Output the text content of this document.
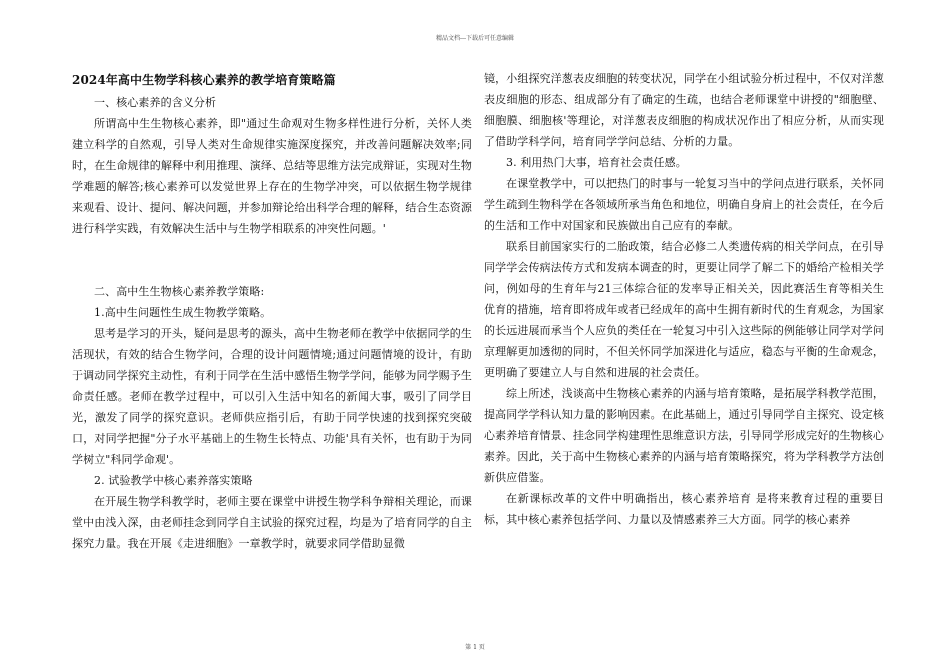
精品文档---下载后可任意编辑
2024年高中生物学科核心素养的教学培育策略篇

一、核心素养的含义分析

所谓高中生生物核心素养，即"通过生命观对生物多样性进行分析，关怀人类建立科学的自然观，引导人类对生命规律实施深度探究，并改善问题解决效率;同时，在生命规律的解释中利用推理、演绎、总结等思维方法完成辩证，实现对生物学难题的解答;核心素养可以发觉世界上存在的生物学冲突，可以依据生物学规律来观看、设计、提问、解决问题，并参加辩论给出科学合理的解释，结合生态资源进行科学实践，有效解决生活中与生物学相联系的冲突性问题。'

二、高中生生物核心素养教学策略:

1.高中生问题性生成生物教学策略。

思考是学习的开头，疑问是思考的源头，高中生物老师在教学中依据同学的生活现状，有效的结合生物学问，合理的设计问题情境;通过问题情境的设计，有助于调动同学探究主动性，有利于同学在生活中感悟生物学学问，能够为同学赐予生命责任感。老师在教学过程中，可以引入生活中知名的新闻大事，吸引了同学目光，激发了同学的探究意识。老师供应指引后，有助于同学快速的找到探究突破口，对同学把握"分子水平基础上的生物生长特点、功能'具有关怀，也有助于为同学树立"科同学命观'。

2. 试验教学中核心素养落实策略

在开展生物学科教学时，老师主要在课堂中讲授生物学科争辩相关理论，而课堂中由浅入深，由老师挂念到同学自主试验的探究过程，均是为了培育同学的自主探究力量。我在开展《走进细胞》一章教学时，就要求同学借助显微

镜，小组探究洋葱表皮细胞的转变状况，同学在小组试验分析过程中，不仅对洋葱表皮细胞的形态、组成部分有了确定的生疏，也结合老师课堂中讲授的"细胞壁、细胞膜、细胞核'等理论，对洋葱表皮细胞的构成状况作出了相应分析，从而实现了借助学科学问，培育同学学问总结、分析的力量。

3. 利用热门大事，培育社会责任感。

在课堂教学中，可以把热门的时事与一轮复习当中的学问点进行联系，关怀同学生疏到生物科学在各领域所承当角色和地位，明确自身肩上的社会责任，在今后的生活和工作中对国家和民族做出自己应有的奉献。

联系目前国家实行的二胎政策，结合必修二人类遗传病的相关学问点，在引导同学学会传病法传方式和发病本调查的时，更要让同学了解二下的婚给产检相关学问，例如母的生育年与21三体综合征的发率导正相关关，因此赛活生育等相关生优育的措施，培育即将成年或者已经成年的高中生拥有新时代的生育观念，为国家的长远进展而承当个人应负的类任在一轮复习中引入这些际的例能够让同学对学问京理解更加透彻的同时，不但关怀同学加深进化与适应，稳态与平衡的生命观念，更明确了要建立人与自然和进展的社会责任。

综上所述，浅谈高中生物核心素养的内涵与培育策略，是拓展学科教学范围，提高同学学科认知力量的影响因素。在此基础上，通过引导同学自主探究、设定核心素养培育情景、挂念同学构建理性思维意识方法，引导同学形成完好的生物核心素养。因此，关于高中生物核心素养的内涵与培育策略探究，将为学科教学方法创新供应借鉴。

在新课标改革的文件中明确指出，核心素养培育 是将来教育过程的重要目标，其中核心素养包括学问、力量以及情感素养三大方面。同学的核心素养

第 1 页
